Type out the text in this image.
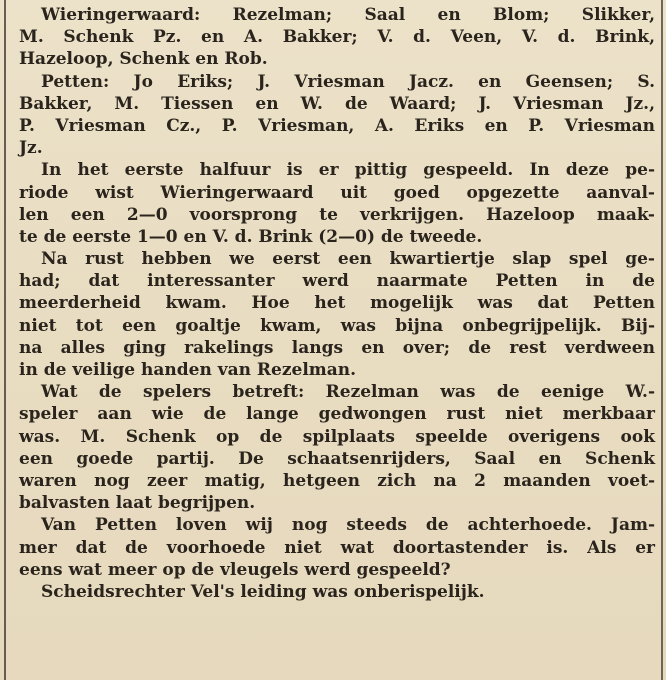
Wieringerwaard: Rezelman; Saal en Blom; Slikker,
M. Schenk Pz. en A. Bakker; V. d. Veen, V. d. Brink,
Hazeloop, Schenk en Rob.

Petten: Jo Eriks; J. Vriesman Jacz. en Geensen; S.
Bakker, M. Tiessen en W. de Waard; J. Vriesman Jz.,
P. Vriesman Cz., P. Vriesman, A. Eriks en P. Vriesman
Jz.

In het eerste halfuur is er pittig gespeeld. In deze pe-
riode wist Wieringerwaard uit goed opgezette aanval-
len een 2—0 voorsprong te verkrijgen. Hazeloop maak-
te de eerste 1—0 en V. d. Brink (2—0) de tweede.

Na rust hebben we eerst een kwartiertje slap spel ge-
had; dat interessanter werd naarmate Petten in de
meerderheid kwam. Hoe het mogelijk was dat Petten
niet tot een goaltje kwam, was bijna onbegrijpelijk. Bij-
na alles ging rakelings langs en over; de rest verdween
in de veilige handen van Rezelman.

Wat de spelers betreft: Rezelman was de eenige W.-
speler aan wie de lange gedwongen rust niet merkbaar
was. M. Schenk op de spilplaats speelde overigens ook
een goede partij. De schaatsenrijders, Saal en Schenk
waren nog zeer matig, hetgeen zich na 2 maanden voet-
balvasten laat begrijpen.

Van Petten loven wij nog steeds de achterhoede. Jam-
mer dat de voorhoede niet wat doortastender is. Als er
eens wat meer op de vleugels werd gespeeld?

Scheidsrechter Vel's leiding was onberispelijk.
